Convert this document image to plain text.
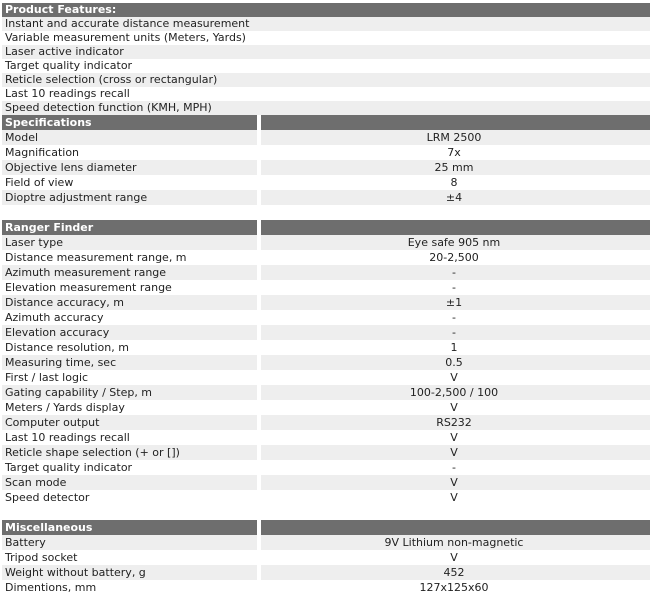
Product Features:
Instant and accurate distance measurement
Variable measurement units (Meters, Yards)
Laser active indicator
Target quality indicator
Reticle selection (cross or rectangular)
Last 10 readings recall
Speed detection function (KMH, MPH)
Specifications
Model	LRM 2500
Magnification	7x
Objective lens diameter	25 mm
Field of view	8
Dioptre adjustment range	±4
Ranger Finder
Laser type	Eye safe 905 nm
Distance measurement range, m	20-2,500
Azimuth measurement range	-
Elevation measurement range	-
Distance accuracy, m	±1
Azimuth accuracy	-
Elevation accuracy	-
Distance resolution, m	1
Measuring time, sec	0.5
First / last logic	V
Gating capability / Step, m	100-2,500 / 100
Meters / Yards display	V
Computer output	RS232
Last 10 readings recall	V
Reticle shape selection (+ or [])	V
Target quality indicator	-
Scan mode	V
Speed detector	V
Miscellaneous
Battery	9V Lithium non-magnetic
Tripod socket	V
Weight without battery, g	452
Dimentions, mm	127x125x60
